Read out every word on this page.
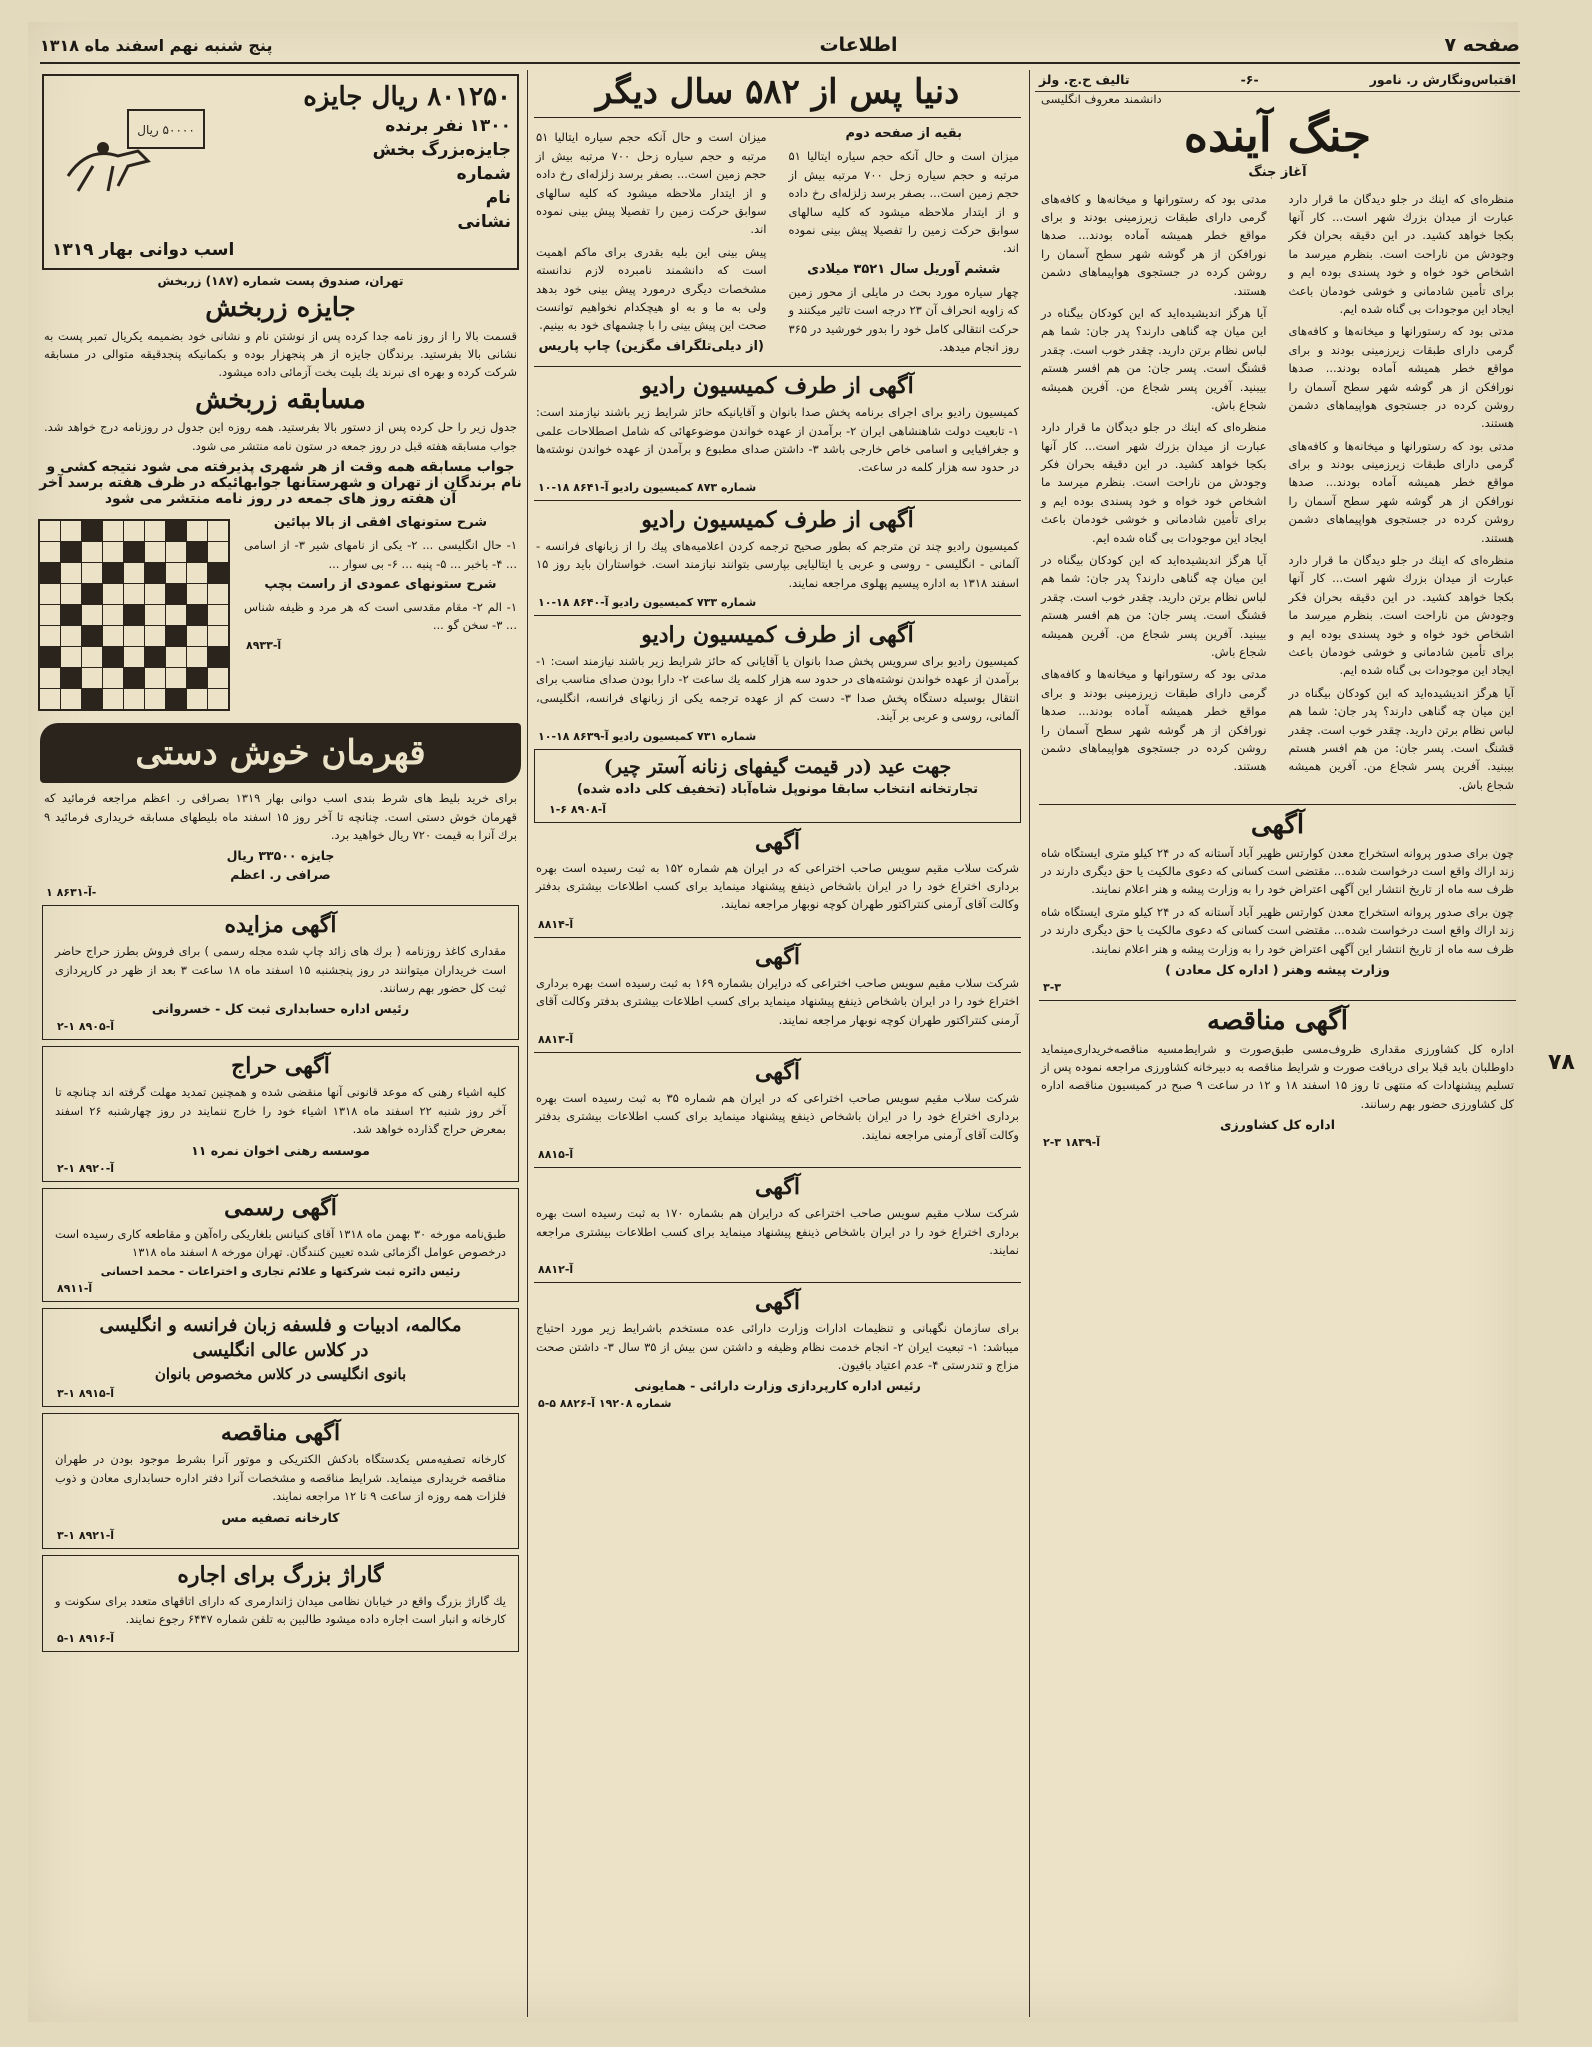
صفحه ۷
اطلاعات
پنج شنبه نهم اسفند ماه ۱۳۱۸
اقتباس‌ونگارش ر. نامور
-۶-
تالیف ح.ج. ولز
دانشمند معروف انگلیسی
جنگ آینده
آغاز جنگ

منظره‌ای که اینك در جلو دیدگان ما قرار دارد عبارت از میدان بزرك شهر است... کار آنها بکجا خواهد کشید. در این دقیقه بحران فکر وجودش من ناراحت است. بنظرم میرسد ما اشخاص خود خواه و خود پسندی بوده ایم و برای تأمین شادمانی و خوشی خودمان باعث ایجاد این موجودات بی گناه شده ایم.

مدتی بود که رستورانها و میخانه‌ها و کافه‌های گرمی دارای طبقات زیرزمینی بودند و برای مواقع خطر همیشه آماده بودند... صدها نورافکن از هر گوشه شهر سطح آسمان را روشن کرده در جستجوی هواپیماهای دشمن هستند.

مدتی بود که رستورانها و میخانه‌ها و کافه‌های گرمی دارای طبقات زیرزمینی بودند و برای مواقع خطر همیشه آماده بودند... صدها نورافکن از هر گوشه شهر سطح آسمان را روشن کرده در جستجوی هواپیماهای دشمن هستند.

منظره‌ای که اینك در جلو دیدگان ما قرار دارد عبارت از میدان بزرك شهر است... کار آنها بکجا خواهد کشید. در این دقیقه بحران فکر وجودش من ناراحت است. بنظرم میرسد ما اشخاص خود خواه و خود پسندی بوده ایم و برای تأمین شادمانی و خوشی خودمان باعث ایجاد این موجودات بی گناه شده ایم.

آیا هرگز اندیشیده‌اید که این کودکان بیگناه در این میان چه گناهی دارند؟ پدر جان: شما هم لباس نظام برتن دارید. چقدر خوب است. چقدر قشنگ است. پسر جان: من هم افسر هستم بیبنید. آفرین پسر شجاع من. آفرین همیشه شجاع باش.

مدتی بود که رستورانها و میخانه‌ها و کافه‌های گرمی دارای طبقات زیرزمینی بودند و برای مواقع خطر همیشه آماده بودند... صدها نورافکن از هر گوشه شهر سطح آسمان را روشن کرده در جستجوی هواپیماهای دشمن هستند.

آیا هرگز اندیشیده‌اید که این کودکان بیگناه در این میان چه گناهی دارند؟ پدر جان: شما هم لباس نظام برتن دارید. چقدر خوب است. چقدر قشنگ است. پسر جان: من هم افسر هستم بیبنید. آفرین پسر شجاع من. آفرین همیشه شجاع باش.

منظره‌ای که اینك در جلو دیدگان ما قرار دارد عبارت از میدان بزرك شهر است... کار آنها بکجا خواهد کشید. در این دقیقه بحران فکر وجودش من ناراحت است. بنظرم میرسد ما اشخاص خود خواه و خود پسندی بوده ایم و برای تأمین شادمانی و خوشی خودمان باعث ایجاد این موجودات بی گناه شده ایم.

آیا هرگز اندیشیده‌اید که این کودکان بیگناه در این میان چه گناهی دارند؟ پدر جان: شما هم لباس نظام برتن دارید. چقدر خوب است. چقدر قشنگ است. پسر جان: من هم افسر هستم بیبنید. آفرین پسر شجاع من. آفرین همیشه شجاع باش.

مدتی بود که رستورانها و میخانه‌ها و کافه‌های گرمی دارای طبقات زیرزمینی بودند و برای مواقع خطر همیشه آماده بودند... صدها نورافکن از هر گوشه شهر سطح آسمان را روشن کرده در جستجوی هواپیماهای دشمن هستند.

آگهی

چون برای صدور پروانه استخراج معدن کوارتس ظهیر آباد آستانه که در ۲۴ کیلو متری ایستگاه شاه زند اراك واقع است درخواست شده... مقتضی است کسانی که دعوی مالکیت یا حق دیگری دارند در ظرف سه ماه از تاریخ انتشار این آگهی اعتراض خود را به وزارت پیشه و هنر اعلام نمایند.

چون برای صدور پروانه استخراج معدن کوارتس ظهیر آباد آستانه که در ۲۴ کیلو متری ایستگاه شاه زند اراك واقع است درخواست شده... مقتضی است کسانی که دعوی مالکیت یا حق دیگری دارند در ظرف سه ماه از تاریخ انتشار این آگهی اعتراض خود را به وزارت پیشه و هنر اعلام نمایند.

وزارت پیشه وهنر ( اداره کل معادن )
۳-۳
آگهی مناقصه

اداره کل کشاورزی مقداری ظروف‌مسی طبق‌صورت و شرایط‌مسیه مناقصه‌خریداری‌مینماید داوطلبان باید قبلا برای دریافت صورت و شرایط مناقصه به دبیرخانه کشاورزی مراجعه نموده پس از تسلیم پیشنهادات که منتهی تا روز ۱۵ اسفند ۱۸ و ۱۲ در ساعت ۹ صبح در کمیسیون مناقصه اداره کل کشاورزی حضور بهم رسانند.

اداره کل کشاورزی
۲-۳ ۱۸۳۹-آ
دنیا پس از ۵۸۲ سال دیگر
بقیه از صفحه دوم

میزان است و حال آنکه حجم سیاره ایتالیا ۵۱ مرتبه و حجم سیاره زحل ۷۰۰ مرتبه بیش از حجم زمین است... بصفر برسد زلزله‌ای رخ داده و از ایتدار ملاحظه میشود که کلیه سالهای سوابق حرکت زمین را تفصیلا پیش بینی نموده اند.

ششم آوریل سال ۳۵۲۱ میلادی

چهار سیاره مورد بحث در مایلی از محور زمین که زاویه انحراف آن ۲۳ درجه است تاثیر میکنند و حرکت انتقالی کامل خود را بدور خورشید در ۳۶۵ روز انجام میدهد.

میزان است و حال آنکه حجم سیاره ایتالیا ۵۱ مرتبه و حجم سیاره زحل ۷۰۰ مرتبه بیش از حجم زمین است... بصفر برسد زلزله‌ای رخ داده و از ایتدار ملاحظه میشود که کلیه سالهای سوابق حرکت زمین را تفصیلا پیش بینی نموده اند.

پیش بینی این بلیه بقدری برای ماکم اهمیت است که دانشمند نامبرده لازم ندانسته مشخصات دیگری درمورد پیش بینی خود بدهد ولی به ما و به او هیچکدام نخواهیم توانست صحت این پیش بینی را با چشمهای خود به بینیم.

(از دیلی‌تلگراف مگزین) چاپ پاریس
آگهی از طرف کمیسیون رادیو

کمیسیون رادیو برای اجرای برنامه پخش صدا بانوان و آقایانیکه حائز شرایط زیر باشند نیازمند است: ۱- تابعیت دولت شاهنشاهی ایران ۲- برآمدن از عهده خواندن موضوعهائی که شامل اصطلاحات علمی و جغرافیایی و اسامی خاص خارجی باشد ۳- داشتن صدای مطبوع و برآمدن از عهده خواندن نوشته‌ها در حدود سه هزار کلمه در ساعت.

شماره ۸۷۳ کمیسیون رادیو آ-۸۶۴۱ ۱۸-۱۰
آگهی از طرف کمیسیون رادیو

کمیسیون رادیو چند تن مترجم که بطور صحیح ترجمه کردن اعلامیه‌های پیك را از زبانهای فرانسه - آلمانی - انگلیسی - روسی و عربی یا ایتالیایی بپارسی بتوانند نیازمند است. خواستاران باید روز ۱۵ اسفند ۱۳۱۸ به اداره پیسیم پهلوی مراجعه نمایند.

شماره ۷۳۳ کمیسیون رادیو آ-۸۶۴۰ ۱۸-۱۰
آگهی از طرف کمیسیون رادیو

کمیسیون رادیو برای سرویس پخش صدا بانوان یا آقایانی که حائز شرایط زیر باشند نیازمند است: ۱- برآمدن از عهده خواندن نوشته‌های در حدود سه هزار کلمه یك ساعت ۲- دارا بودن صدای مناسب برای انتقال بوسیله دستگاه پخش صدا ۳- دست کم از عهده ترجمه یکی از زبانهای فرانسه، انگلیسی، آلمانی، روسی و عربی بر آیند.

شماره ۷۳۱ کمیسیون رادیو آ-۸۶۳۹ ۱۸-۱۰
جهت عید (در قیمت گیفهای زنانه آستر چیر)
تجارتخانه انتخاب سابقا مونوپل شاه‌آباد (تخفیف کلی داده شده)
آ-۸۹۰۸ ۶-۱
آگهی

شرکت سلاب مقیم سویس صاحب اختراعی که در ایران هم شماره ۱۵۲ به ثبت رسیده است بهره برداری اختراع خود را در ایران باشخاص ذینفع پیشنهاد مینماید برای کسب اطلاعات بیشتری بدفتر وکالت آقای آرمنی کنتراکتور طهران کوچه نوبهار مراجعه نمایند.

آ-۸۸۱۴
آگهی

شرکت سلاب مقیم سویس صاحب اختراعی که درایران بشماره ۱۶۹ به ثبت رسیده است بهره برداری اختراع خود را در ایران باشخاص ذینفع پیشنهاد مینماید برای کسب اطلاعات بیشتری بدفتر وکالت آقای آرمنی کنتراکتور طهران کوچه نوبهار مراجعه نمایند.

آ-۸۸۱۳
آگهی

شرکت سلاب مقیم سویس صاحب اختراعی که در ایران هم شماره ۳۵ به ثبت رسیده است بهره برداری اختراع خود را در ایران باشخاص ذینفع پیشنهاد مینماید برای کسب اطلاعات بیشتری بدفتر وکالت آقای آرمنی مراجعه نمایند.

آ-۸۸۱۵
آگهی

شرکت سلاب مقیم سویس صاحب اختراعی که درایران هم بشماره ۱۷۰ به ثبت رسیده است بهره برداری اختراع خود را در ایران باشخاص ذینفع پیشنهاد مینماید برای کسب اطلاعات بیشتری مراجعه نمایند.

آ-۸۸۱۲
آگهی

برای سازمان نگهبانی و تنظیمات ادارات وزارت دارائی عده مستخدم باشرایط زیر مورد احتیاج میباشد: ۱- تبعیت ایران ۲- انجام خدمت نظام وظیفه و داشتن سن بیش از ۳۵ سال ۳- داشتن صحت مزاج و تندرستی ۴- عدم اعتیاد بافیون.

رئیس اداره کارپردازی وزارت دارائی - همایونی
شماره ۱۹۲۰۸ آ-۸۸۲۶ ۵-۵
۸۰۱۲۵۰ ریال جایزه
۱۳۰۰ نفر برنده
جایزه‌بزرگ بخش
شماره
نام
نشانی
اسب دوانی بهار ۱۳۱۹
۵۰۰۰۰ ریال
تهران، صندوق پست شماره (۱۸۷) زربخش
جایزه زربخش

قسمت بالا را از روز نامه جدا کرده پس از نوشتن نام و نشانی خود بضمیمه یکریال تمبر پست به نشانی بالا بفرستید. برندگان جایزه از هر پنجهزار بوده و بکمانیکه پنجدقیقه متوالی در مسابقه شرکت کرده و بهره ای نبرند یك بلیت بخت آزمائی داده میشود.

مسابقه زربخش

جدول زیر را حل کرده پس از دستور بالا بفرستید. همه روزه این جدول در روزنامه درج خواهد شد. جواب مسابقه هفته قبل در روز جمعه در ستون نامه منتشر می شود.

جواب مسابقه همه وقت از هر شهری پذیرفته می شود نتیجه کشی و نام برندگان از تهران و شهرستانها جوابهائیکه در ظرف هفته برسد آخر آن هفته روز های جمعه در روز نامه منتشر می شود
شرح ستونهای افقی از بالا بپائین

۱- حال انگلیسی ... ۲- یکی از نامهای شیر ۳- از اسامی ... ۴- باخبر ... ۵- پنبه ... ۶- بی سوار ...

شرح ستونهای عمودی از راست بچپ

۱- الم ۲- مقام مقدسی است که هر مرد و ظیفه شناس ... ۳- سخن گو ...

آ-۸۹۳۳
قهرمان خوش دستی

برای خرید بلیط های شرط بندی اسب دوانی بهار ۱۳۱۹ بصرافی ر. اعظم مراجعه فرمائید که قهرمان خوش دستی است. چنانچه تا آخر روز ۱۵ اسفند ماه بلیطهای مسابقه خریداری فرمائید ۹ برك آنرا به قیمت ۷۲۰ ریال خواهید برد.

جایزه ۳۳۵۰۰ ریال
صرافی ر. اعظم
آ-۸۶۳۱ ۱-
آگهی مزایده

مقداری کاغذ روزنامه ( برك های زائد چاپ شده مجله رسمی ) برای فروش بطرز حراج حاضر است خریداران میتوانند در روز پنجشنبه ۱۵ اسفند ماه ۱۸ ساعت ۳ بعد از ظهر در کارپردازی ثبت کل حضور بهم رسانند.

رئیس اداره حسابداری ثبت کل - خسروانی
آ-۸۹۰۵ ۱-۲
آگهی حراج

کلیه اشیاء رهنی که موعد قانونی آنها منقضی شده و همچنین تمدید مهلت گرفته اند چنانچه تا آخر روز شنبه ۲۲ اسفند ماه ۱۳۱۸ اشیاء خود را خارج ننمایند در روز چهارشنبه ۲۶ اسفند بمعرض حراج گذارده خواهد شد.

موسسه رهنی اخوان نمره ۱۱
آ-۸۹۲۰ ۱-۲
آگهی رسمی

طبق‌نامه مورخه ۳۰ بهمن ماه ۱۳۱۸ آقای کنیانس بلغاریکی راه‌آهن و مقاطعه کاری رسیده است درخصوص عوامل اگزمائی شده تعیین کنندگان. تهران مورخه ۸ اسفند ماه ۱۳۱۸

رئیس دائره ثبت شرکتها و علائم تجاری و اختراعات - محمد احسانی
آ-۸۹۱۱
مکالمه، ادبیات و فلسفه زبان فرانسه و انگلیسی
در کلاس عالی انگلیسی
بانوی انگلیسی در کلاس مخصوص بانوان
آ-۸۹۱۵ ۱-۳
آگهی مناقصه

کارخانه تصفیه‌مس یکدستگاه بادکش الکتریکی و موتور آنرا بشرط موجود بودن در طهران مناقصه خریداری مینماید. شرایط مناقصه و مشخصات آنرا دفتر اداره حسابداری معادن و ذوب فلزات همه روزه از ساعت ۹ تا ۱۲ مراجعه نمایند.

کارخانه تصفیه مس
آ-۸۹۲۱ ۱-۳
گاراژ بزرگ برای اجاره

یك گاراژ بزرگ واقع در خیابان نظامی میدان ژاندارمری که دارای اتاقهای متعدد برای سکونت و کارخانه و انبار است اجاره داده میشود طالبین به تلفن شماره ۶۴۴۷ رجوع نمایند.

آ-۸۹۱۶ ۱-۵
۷۸
